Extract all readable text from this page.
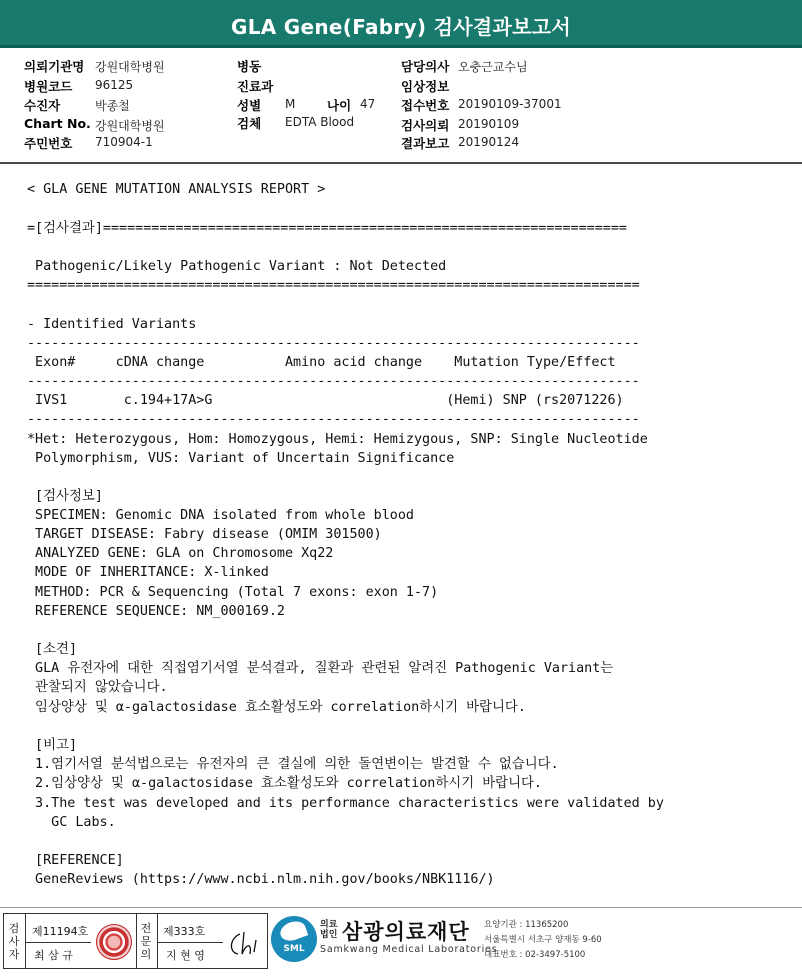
GLA Gene(Fabry) 검사결과보고서
의뢰기관명 강원대학병원
병원코드 96125
수진자	박종철
Chart No. 강원대학병원
주민번호 710904-1
병동
진료과
성별 M	나이 47
검체 EDTA Blood
담당의사 오충근교수님
임상정보
접수번호 20190109-37001
검사의뢰 20190109
결과보고 20190124
< GLA GENE MUTATION ANALYSIS REPORT >
=[검사결과]=================================================================
Pathogenic/Likely Pathogenic Variant : Not Detected
============================================================================
- Identified Variants
----------------------------------------------------------------------------
Exon#     cDNA change          Amino acid change    Mutation Type/Effect
----------------------------------------------------------------------------
IVS1       c.194+17A>G                             (Hemi) SNP (rs2071226)
----------------------------------------------------------------------------
*Het: Heterozygous, Hom: Homozygous, Hemi: Hemizygous, SNP: Single Nucleotide
Polymorphism, VUS: Variant of Uncertain Significance
[검사정보]
SPECIMEN: Genomic DNA isolated from whole blood
TARGET DISEASE: Fabry disease (OMIM 301500)
ANALYZED GENE: GLA on Chromosome Xq22
MODE OF INHERITANCE: X-linked
METHOD: PCR & Sequencing (Total 7 exons: exon 1-7)
REFERENCE SEQUENCE: NM_000169.2
[소견]
GLA 유전자에 대한 직접염기서열 분석결과, 질환과 관련된 알려진 Pathogenic Variant는
관찰되지 않았습니다.
임상양상 및 α-galactosidase 효소활성도와 correlation하시기 바랍니다.
[비고]
1.염기서열 분석법으로는 유전자의 큰 결실에 의한 돌연변이는 발견할 수 없습니다.
2.임상양상 및 α-galactosidase 효소활성도와 correlation하시기 바랍니다.
3.The test was developed and its performance characteristics were validated by
GC Labs.
[REFERENCE]
GeneReviews (https://www.ncbi.nlm.nih.gov/books/NBK1116/)
검사자
제11194호
최 삼 규
전문의
제333호
지 현 영	SML
의료법인 삼광의료재단
Samkwang Medical Laboratories
요양기관 : 11365200
서울특별시 서초구 양재동 9-60
대표번호 : 02-3497-5100
